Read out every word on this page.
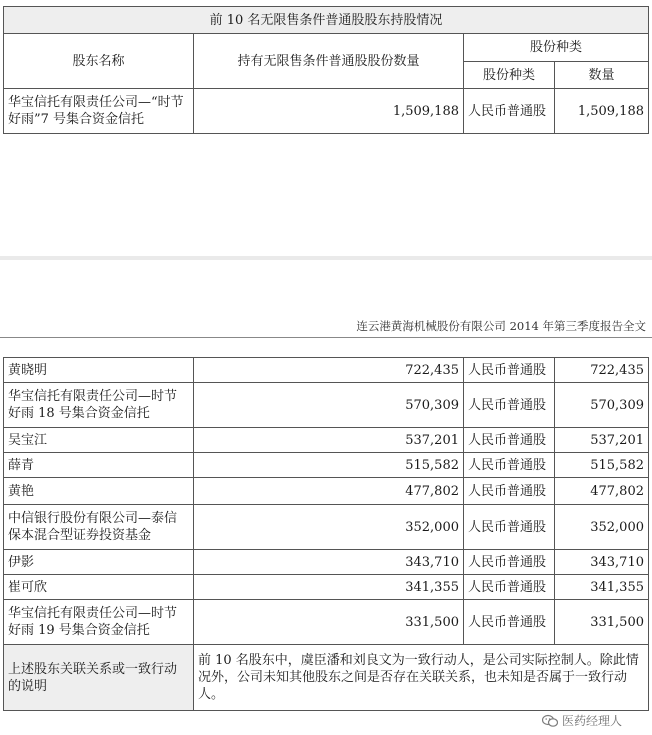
前 10 名无限售条件普通股股东持股情况			
股东名称	持有无限售条件普通股股份数量	股份种类	
		股份种类	数量
华宝信托有限责任公司—“时节好雨”7 号集合资金信托	1,509,188	人民币普通股	1,509,188
连云港黄海机械股份有限公司 2014 年第三季度报告全文
黄晓明	722,435	人民币普通股	722,435
华宝信托有限责任公司—时节好雨 18 号集合资金信托	570,309	人民币普通股	570,309
吴宝江	537,201	人民币普通股	537,201
薛青	515,582	人民币普通股	515,582
黄艳	477,802	人民币普通股	477,802
中信银行股份有限公司—泰信保本混合型证券投资基金	352,000	人民币普通股	352,000
伊影	343,710	人民币普通股	343,710
崔可欣	341,355	人民币普通股	341,355
华宝信托有限责任公司—时节好雨 19 号集合资金信托	331,500	人民币普通股	331,500
上述股东关联关系或一致行动的说明	前 10 名股东中，虞臣潘和刘良文为一致行动人，是公司实际控制人。除此情况外，公司未知其他股东之间是否存在关联关系，也未知是否属于一致行动人。		
医药经理人
